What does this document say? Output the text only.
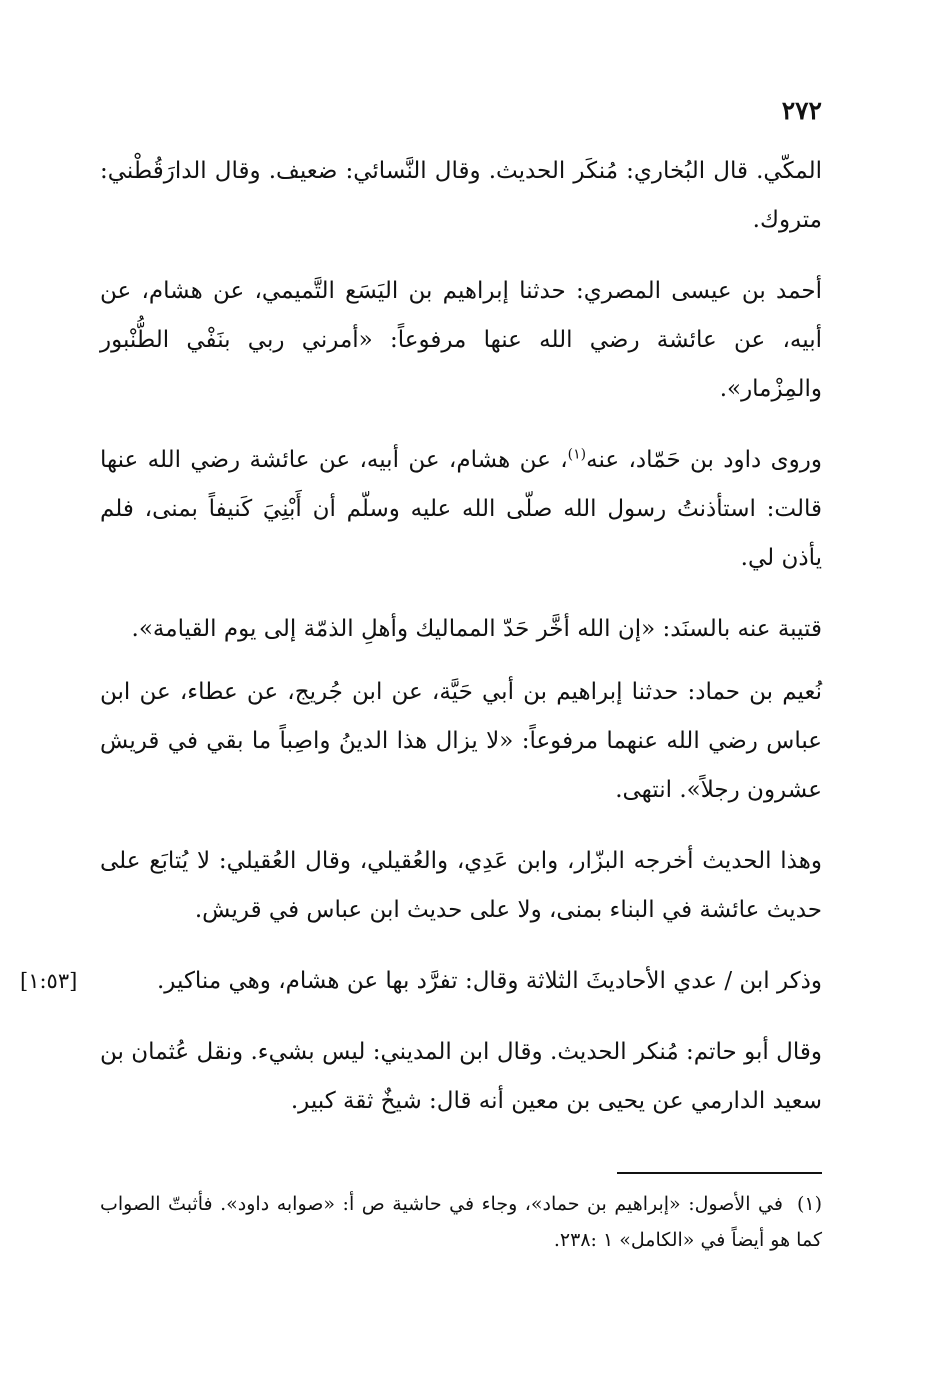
٢٧٢

المكّي. قال البُخاري: مُنكَر الحديث. وقال النَّسائي: ضعيف. وقال الدارَقُطْني: متروك.

أحمد بن عيسى المصري: حدثنا إبراهيم بن اليَسَع التَّميمي، عن هشام، عن أبيه، عن عائشة رضي الله عنها مرفوعاً: «أمرني ربي بنَفْي الطُّنْبور والمِزْمار».

وروى داود بن حَمّاد، عنه$^{(١)}$، عن هشام، عن أبيه، عن عائشة رضي الله عنها قالت: استأذنتُ رسول الله صلّى الله عليه وسلّم أن أَبْنِيَ كَنيفاً بمنى، فلم يأذن لي.

قتيبة عنه بالسنَد: «إن الله أخَّر حَدّ المماليك وأهلِ الذمّة إلى يوم القيامة».

نُعيم بن حماد: حدثنا إبراهيم بن أبي حَيَّة، عن ابن جُريج، عن عطاء، عن ابن عباس رضي الله عنهما مرفوعاً: «لا يزال هذا الدينُ واصِباً ما بقي في قريش عشرون رجلاً». انتهى.

وهذا الحديث أخرجه البزّار، وابن عَدِي، والعُقيلي، وقال العُقيلي: لا يُتابَع على حديث عائشة في البناء بمنى، ولا على حديث ابن عباس في قريش.

[١:٥٣]	وذكر ابن / عدي الأحاديثَ الثلاثة وقال: تفرَّد بها عن هشام، وهي مناكير.

وقال أبو حاتم: مُنكر الحديث. وقال ابن المديني: ليس بشيء. ونقل عُثمان بن سعيد الدارمي عن يحيى بن معين أنه قال: شيخٌ ثقة كبير.

(١)في الأصول: «إبراهيم بن حماد»، وجاء في حاشية ص أ: «صوابه داود». فأثبتّ الصواب كما هو أيضاً في «الكامل» ١ :٢٣٨.
